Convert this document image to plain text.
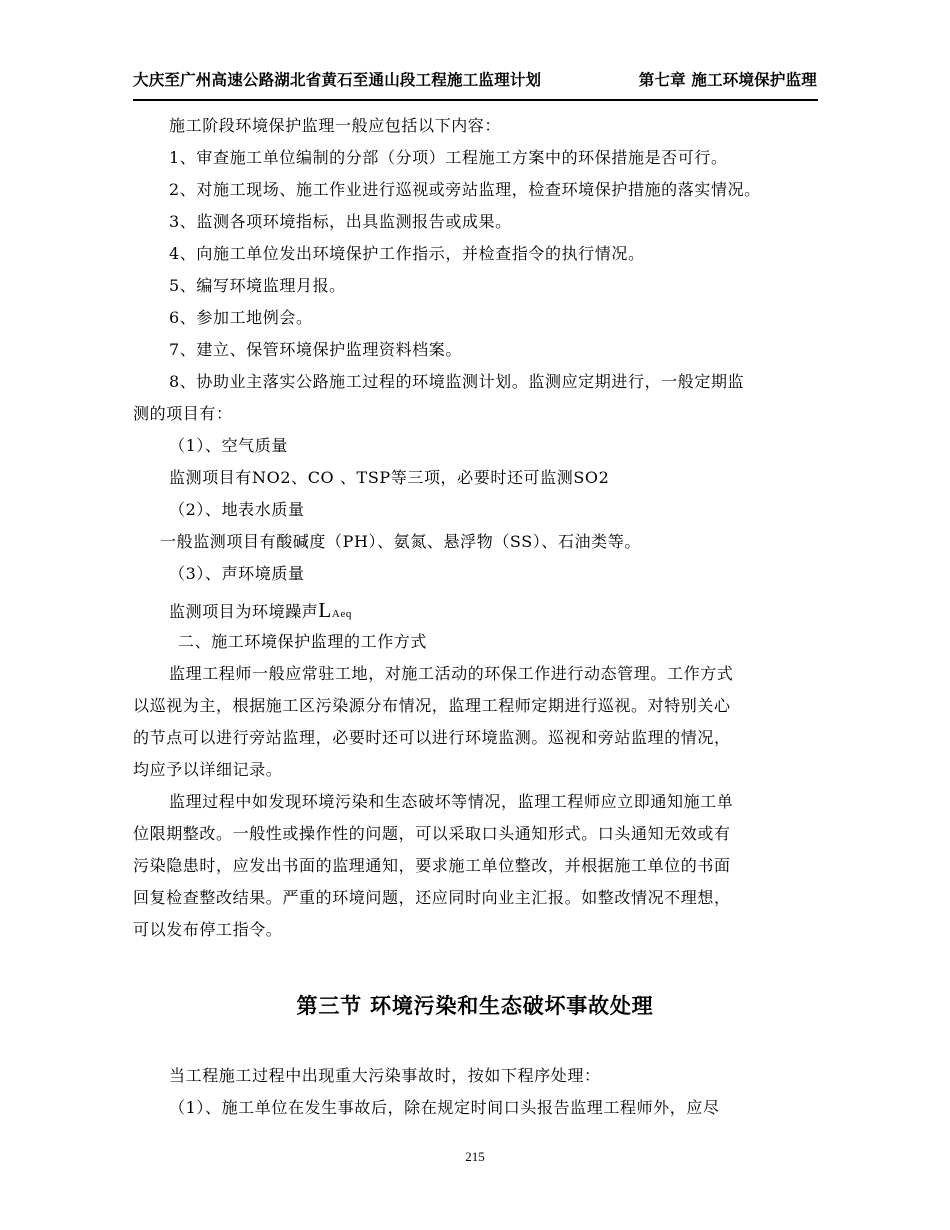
大庆至广州高速公路湖北省黄石至通山段工程施工监理计划	第七章 施工环境保护监理
施工阶段环境保护监理一般应包括以下内容：
1、审查施工单位编制的分部（分项）工程施工方案中的环保措施是否可行。
2、对施工现场、施工作业进行巡视或旁站监理，检查环境保护措施的落实情况。
3、监测各项环境指标，出具监测报告或成果。
4、向施工单位发出环境保护工作指示，并检查指令的执行情况。
5、编写环境监理月报。
6、参加工地例会。
7、建立、保管环境保护监理资料档案。
8、协助业主落实公路施工过程的环境监测计划。监测应定期进行，一般定期监
测的项目有：
（1）、空气质量
监测项目有NO2、CO 、TSP等三项，必要时还可监测SO2
（2）、地表水质量
一般监测项目有酸碱度（PH）、氨氮、悬浮物（SS）、石油类等。
（3）、声环境质量
监测项目为环境躁声LAeq
二、施工环境保护监理的工作方式
监理工程师一般应常驻工地，对施工活动的环保工作进行动态管理。工作方式
以巡视为主，根据施工区污染源分布情况，监理工程师定期进行巡视。对特别关心
的节点可以进行旁站监理，必要时还可以进行环境监测。巡视和旁站监理的情况，
均应予以详细记录。
监理过程中如发现环境污染和生态破坏等情况，监理工程师应立即通知施工单
位限期整改。一般性或操作性的问题，可以采取口头通知形式。口头通知无效或有
污染隐患时，应发出书面的监理通知，要求施工单位整改，并根据施工单位的书面
回复检查整改结果。严重的环境问题，还应同时向业主汇报。如整改情况不理想，
可以发布停工指令。
第三节 环境污染和生态破坏事故处理
当工程施工过程中出现重大污染事故时，按如下程序处理：
（1）、施工单位在发生事故后，除在规定时间口头报告监理工程师外，应尽
215
